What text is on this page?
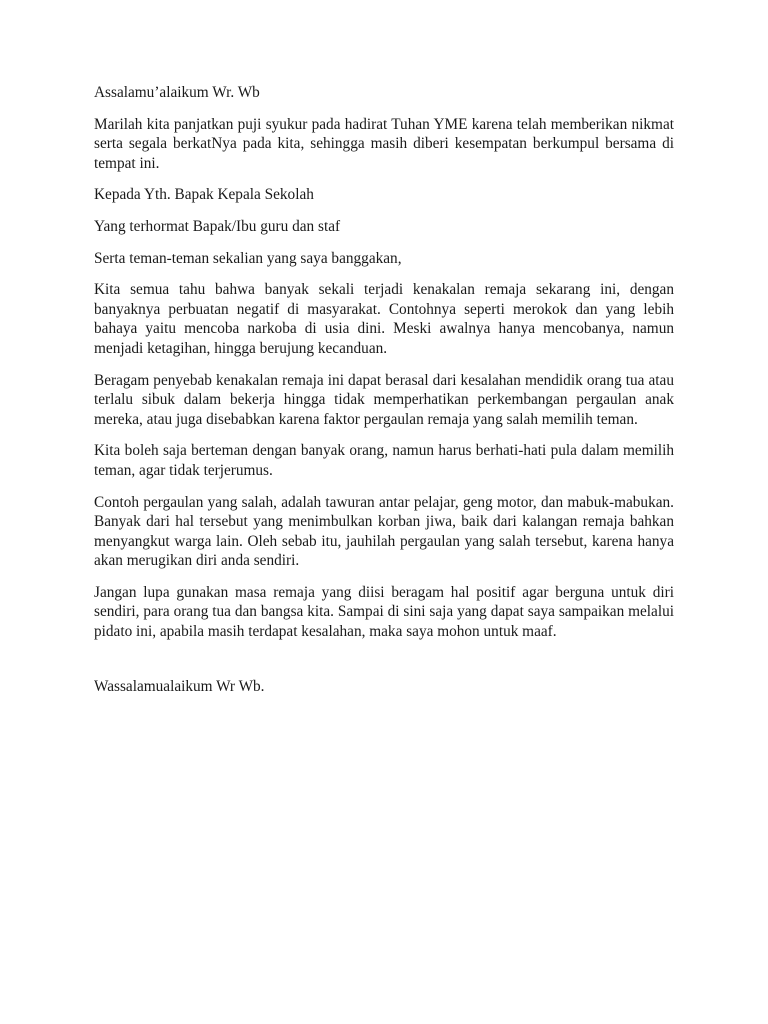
Assalamu’alaikum Wr. Wb

Marilah kita panjatkan puji syukur pada hadirat Tuhan YME karena telah memberikan nikmat serta segala berkatNya pada kita, sehingga masih diberi kesempatan berkumpul bersama di tempat ini.

Kepada Yth. Bapak Kepala Sekolah

Yang terhormat Bapak/Ibu guru dan staf

Serta teman-teman sekalian yang saya banggakan,

Kita semua tahu bahwa banyak sekali terjadi kenakalan remaja sekarang ini, dengan banyaknya perbuatan negatif di masyarakat. Contohnya seperti merokok dan yang lebih bahaya yaitu mencoba narkoba di usia dini. Meski awalnya hanya mencobanya, namun menjadi ketagihan, hingga berujung kecanduan.

Beragam penyebab kenakalan remaja ini dapat berasal dari kesalahan mendidik orang tua atau terlalu sibuk dalam bekerja hingga tidak memperhatikan perkembangan pergaulan anak mereka, atau juga disebabkan karena faktor pergaulan remaja yang salah memilih teman.

Kita boleh saja berteman dengan banyak orang, namun harus berhati-hati pula dalam memilih teman, agar tidak terjerumus.

Contoh pergaulan yang salah, adalah tawuran antar pelajar, geng motor, dan mabuk-mabukan. Banyak dari hal tersebut yang menimbulkan korban jiwa, baik dari kalangan remaja bahkan menyangkut warga lain. Oleh sebab itu, jauhilah pergaulan yang salah tersebut, karena hanya akan merugikan diri anda sendiri.

Jangan lupa gunakan masa remaja yang diisi beragam hal positif agar berguna untuk diri sendiri, para orang tua dan bangsa kita. Sampai di sini saja yang dapat saya sampaikan melalui pidato ini, apabila masih terdapat kesalahan, maka saya mohon untuk maaf.

Wassalamualaikum Wr Wb.
